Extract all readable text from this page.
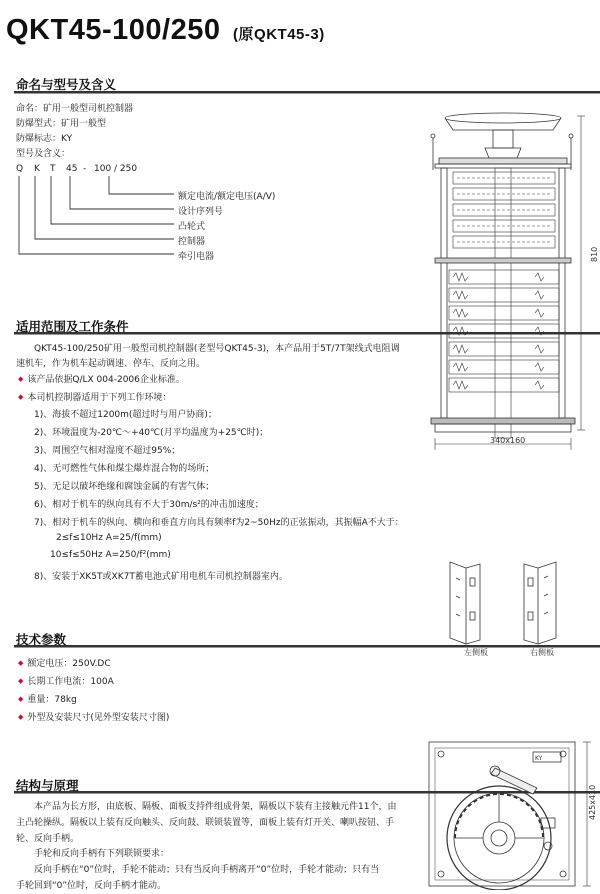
QKT45-100/250 (原QKT45-3)
命名与型号及含义
命名：矿用一般型司机控制器
防爆型式：矿用一般型
防爆标志：KY
型号及含义：
Q K T 45 - 100 / 250
额定电流/额定电压(A/V)
设计序列号
凸轮式
控制器
牵引电器
适用范围及工作条件
QKT45-100/250矿用一般型司机控制器(老型号QKT45-3)，本产品用于5T/7T架线式电阻调
速机车，作为机车起动调速、停车、反向之用。
◆ 该产品依据Q/LX 004-2006企业标准。
◆ 本司机控制器适用于下列工作环境：
1)、海拔不超过1200m(超过时与用户协商)；
2)、环境温度为-20℃～+40℃(月平均温度为+25℃时)；
3)、周围空气相对湿度不超过95%；
4)、无可燃性气体和煤尘爆炸混合物的场所；
5)、无足以破坏绝缘和腐蚀金属的有害气体；
6)、相对于机车的纵向具有不大于30m/s²的冲击加速度；
7)、相对于机车的纵向、横向和垂直方向具有频率f为2~50Hz的正弦振动，其振幅A不大于：
2≤f≤10Hz A=25/f(mm)
10≤f≤50Hz A=250/f²(mm)
8)、安装于XK5T或XK7T蓄电池式矿用电机车司机控制器室内。
技术参数
◆ 额定电压：250V.DC
◆ 长期工作电流：100A
◆ 重量：78kg
◆ 外型及安装尺寸(见外型安装尺寸图)
结构与原理
本产品为长方形，由底板、隔板、面板支持件组成骨架，隔板以下装有主接触元件11个，由
主凸轮操纵。隔板以上装有反向触头、反向鼓、联锁装置等，面板上装有灯开关、喇叭按钮、手
轮、反向手柄。
手轮和反向手柄有下列联锁要求：
反向手柄在“0”位时，手轮不能动；只有当反向手柄离开“0”位时，手轮才能动；只有当
手轮回到“0”位时，反向手柄才能动。
810
340x160
左侧板	右侧板
KY
425x410
